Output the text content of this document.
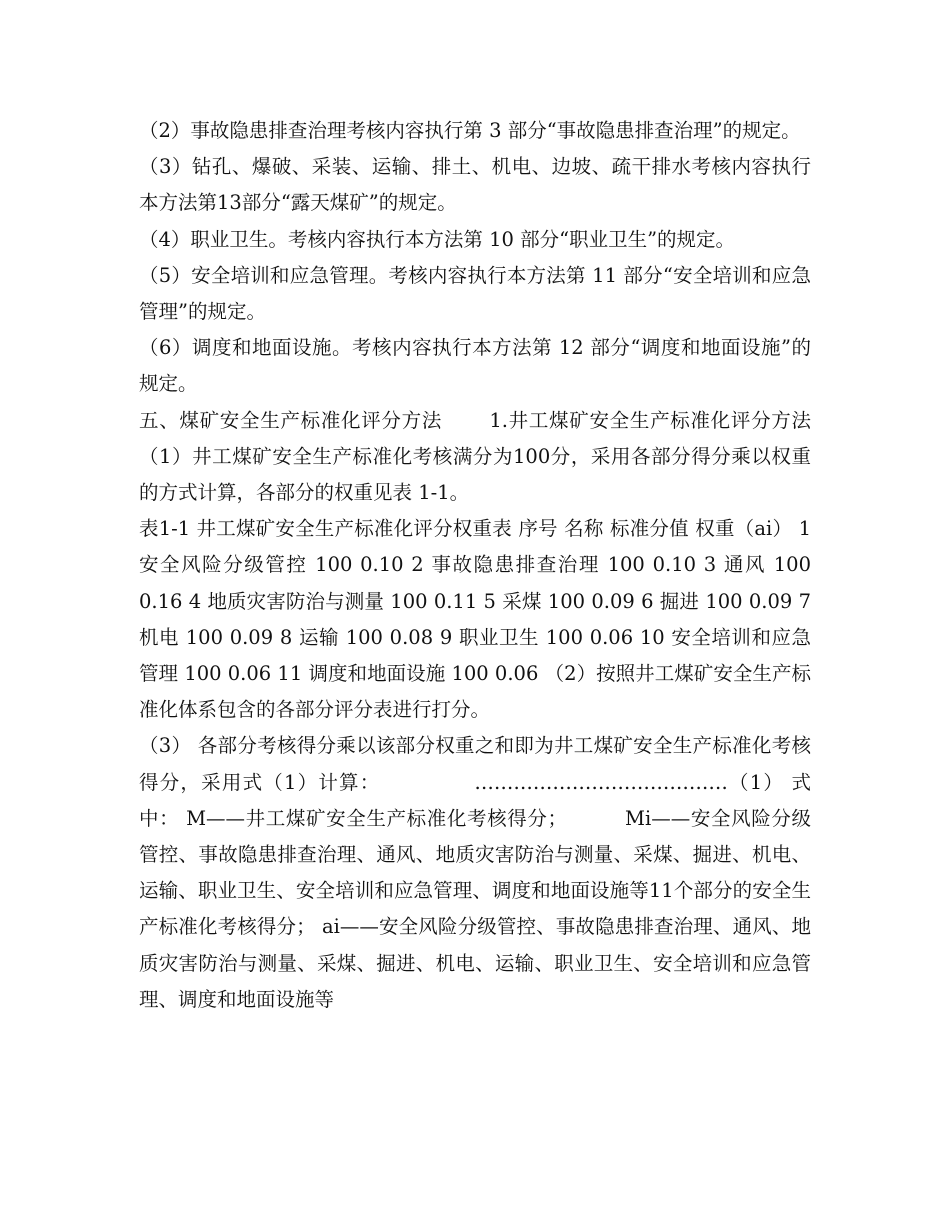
（2）事故隐患排查治理考核内容执行第 3 部分“事故隐患排查治理”的规定。

（3）钻孔、爆破、采装、运输、排土、机电、边坡、疏干排水考核内容执行本方法第13部分“露天煤矿”的规定。

（4）职业卫生。考核内容执行本方法第 10 部分“职业卫生”的规定。

（5）安全培训和应急管理。考核内容执行本方法第 11 部分“安全培训和应急管理”的规定。

（6）调度和地面设施。考核内容执行本方法第 12 部分“调度和地面设施”的规定。

五、煤矿安全生产标准化评分方法　　 1.井工煤矿安全生产标准化评分方法 （1）井工煤矿安全生产标准化考核满分为100分，采用各部分得分乘以权重的方式计算，各部分的权重见表 1-1。

表1-1 井工煤矿安全生产标准化评分权重表 序号 名称 标准分值 权重（ai） 1 安全风险分级管控 100 0.10 2 事故隐患排查治理 100 0.10 3 通风 100 0.16 4 地质灾害防治与测量 100 0.11 5 采煤 100 0.09 6 掘进 100 0.09 7 机电 100 0.09 8 运输 100 0.08 9 职业卫生 100 0.06 10 安全培训和应急管理 100 0.06 11 调度和地面设施 100 0.06 （2）按照井工煤矿安全生产标准化体系包含的各部分评分表进行打分。

（3） 各部分考核得分乘以该部分权重之和即为井工煤矿安全生产标准化考核得分，采用式（1）计算：　　　　　…………………………………（1） 式中： M——井工煤矿安全生产标准化考核得分；　　　 Mi——安全风险分级管控、事故隐患排查治理、通风、地质灾害防治与测量、采煤、掘进、机电、运输、职业卫生、安全培训和应急管理、调度和地面设施等11个部分的安全生产标准化考核得分； ai——安全风险分级管控、事故隐患排查治理、通风、地质灾害防治与测量、采煤、掘进、机电、运输、职业卫生、安全培训和应急管理、调度和地面设施等
